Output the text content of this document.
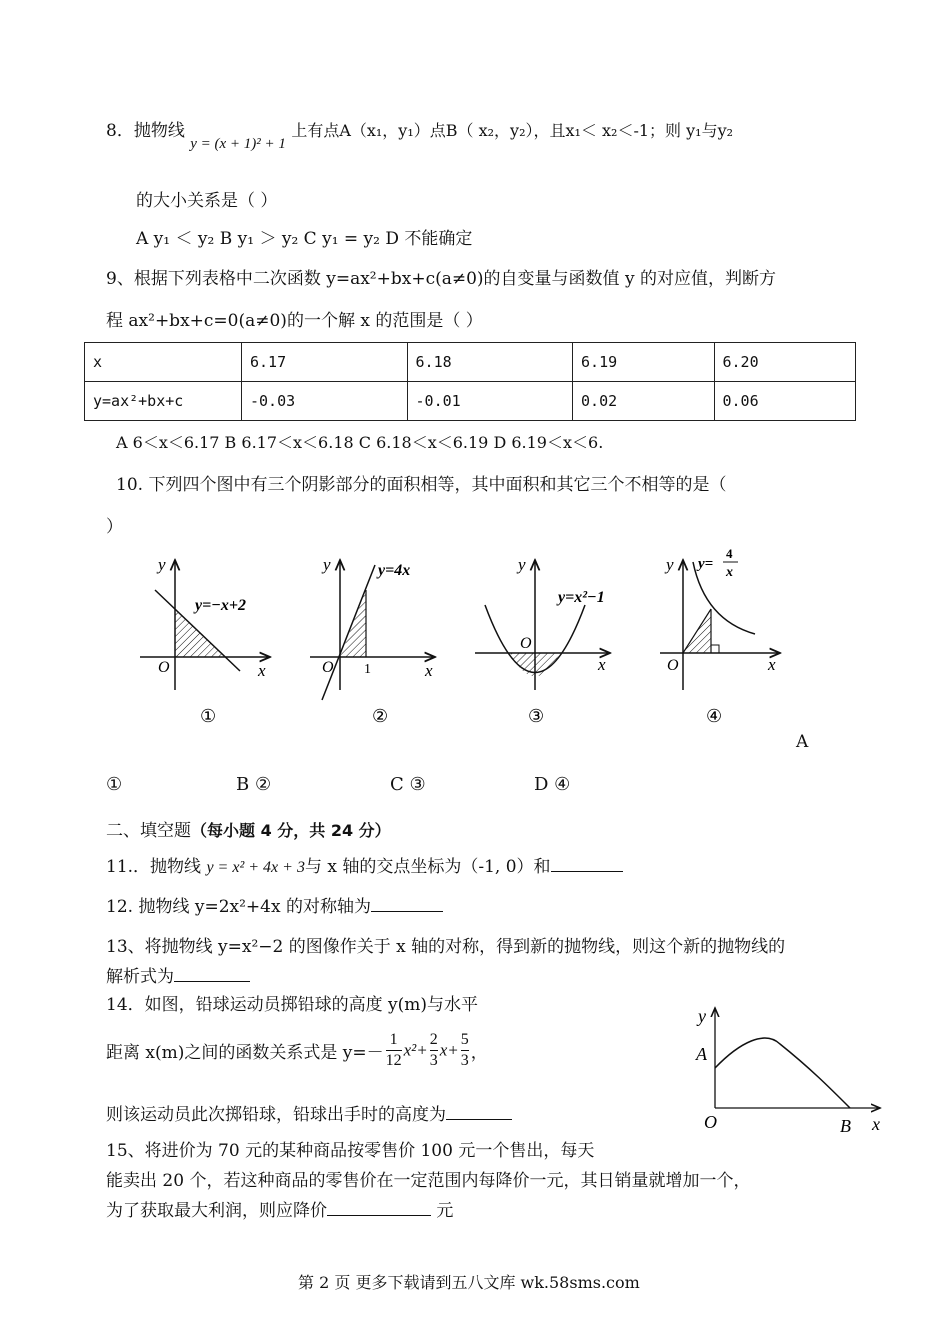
8．抛物线 y = (x + 1)² + 1 上有点A（x₁，y₁）点B（ x₂，y₂），且x₁＜ x₂＜-1；则 y₁与y₂
的大小关系是（ ）
A y₁ ＜ y₂ B y₁ ＞ y₂ C y₁ = y₂ D 不能确定
9、根据下列表格中二次函数 y=ax²+bx+c(a≠0)的自变量与函数值 y 的对应值，判断方
程 ax²+bx+c=0(a≠0)的一个解 x 的范围是（ ）
x	6.17	6.18	6.19	6.20
y=ax²+bx+c	-0.03	-0.01	0.02	0.06
A 6＜x＜6.17 B 6.17＜x＜6.18 C 6.18＜x＜6.19 D 6.19＜x＜6.
10. 下列四个图中有三个阴影部分的面积相等，其中面积和其它三个不相等的是（
）
y
x
O
y=−x+2
①
y
x
O 1
y=4x
②
y
x
O
y=x²−1
③
y
x
O
y=
4
x
④
A
①	B ②	C ③	D ④
二、填空题（每小题 4 分，共 24 分）
11.．抛物线 y = x² + 4x + 3与 x 轴的交点坐标为（-1, 0）和
12. 抛物线 y=2x²+4x 的对称轴为
13、将抛物线 y=x²−2 的图像作关于 x 轴的对称，得到新的抛物线，则这个新的抛物线的
解析式为
14．如图，铅球运动员掷铅球的高度 y(m)与水平
距离 x(m)之间的函数关系式是 $y=- \frac{1}{12} x^2+ \frac{2}{3} x+ \frac{5}{3}$ ，
则该运动员此次掷铅球，铅球出手时的高度为
y
A
O	B x
15、将进价为 70 元的某种商品按零售价 100 元一个售出，每天
能卖出 20 个，若这种商品的零售价在一定范围内每降价一元，其日销量就增加一个，
为了获取最大利润，则应降价	元
第 2 页 更多下载请到五八文库 wk.58sms.com
